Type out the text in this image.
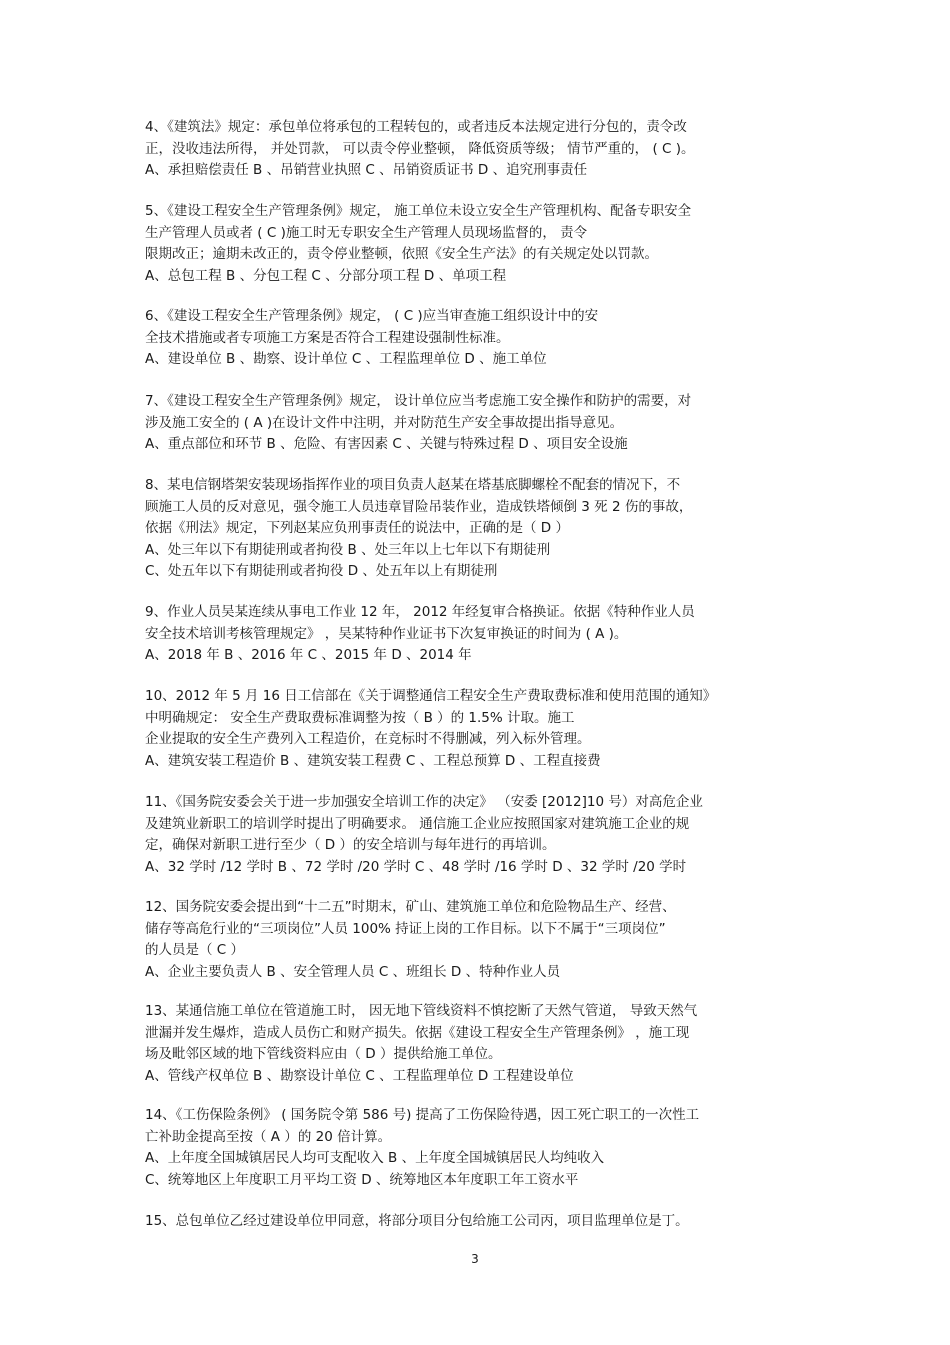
4、《建筑法》规定：承包单位将承包的工程转包的，或者违反本法规定进行分包的，责令改
正，没收违法所得， 并处罚款， 可以责令停业整顿， 降低资质等级； 情节严重的， ( C )。
A、承担赔偿责任 B 、吊销营业执照 C 、吊销资质证书 D 、追究刑事责任
5、《建设工程安全生产管理条例》规定， 施工单位未设立安全生产管理机构、配备专职安全
生产管理人员或者 ( C )施工时无专职安全生产管理人员现场监督的， 责令
限期改正；逾期未改正的，责令停业整顿，依照《安全生产法》的有关规定处以罚款。
A、总包工程 B 、分包工程 C 、分部分项工程 D 、单项工程
6、《建设工程安全生产管理条例》规定， ( C )应当审查施工组织设计中的安
全技术措施或者专项施工方案是否符合工程建设强制性标准。
A、建设单位 B 、勘察、设计单位 C 、工程监理单位 D 、施工单位
7、《建设工程安全生产管理条例》规定， 设计单位应当考虑施工安全操作和防护的需要，对
涉及施工安全的 ( A )在设计文件中注明，并对防范生产安全事故提出指导意见。
A、重点部位和环节 B 、危险、有害因素 C 、关键与特殊过程 D 、项目安全设施
8、某电信钢塔架安装现场指挥作业的项目负责人赵某在塔基底脚螺栓不配套的情况下，不
顾施工人员的反对意见，强令施工人员违章冒险吊装作业，造成铁塔倾倒 3 死 2 伤的事故，
依据《刑法》规定，下列赵某应负刑事责任的说法中，正确的是（ D ）
A、处三年以下有期徒刑或者拘役 B 、处三年以上七年以下有期徒刑
C、处五年以下有期徒刑或者拘役 D 、处五年以上有期徒刑
9、作业人员吴某连续从事电工作业 12 年， 2012 年经复审合格换证。依据《特种作业人员
安全技术培训考核管理规定》 ，吴某特种作业证书下次复审换证的时间为 ( A )。
A、2018 年 B 、2016 年 C 、2015 年 D 、2014 年
10、2012 年 5 月 16 日工信部在《关于调整通信工程安全生产费取费标准和使用范围的通知》
中明确规定： 安全生产费取费标准调整为按（ B ）的 1.5% 计取。施工
企业提取的安全生产费列入工程造价，在竞标时不得删减，列入标外管理。
A、建筑安装工程造价 B 、建筑安装工程费 C 、工程总预算 D 、工程直接费
11、《国务院安委会关于进一步加强安全培训工作的决定》 （安委 [2012]10 号）对高危企业
及建筑业新职工的培训学时提出了明确要求。 通信施工企业应按照国家对建筑施工企业的规
定，确保对新职工进行至少（ D ）的安全培训与每年进行的再培训。
A、32 学时 /12 学时 B 、72 学时 /20 学时 C 、48 学时 /16 学时 D 、32 学时 /20 学时
12、国务院安委会提出到“十二五”时期末，矿山、建筑施工单位和危险物品生产、经营、
储存等高危行业的“三项岗位”人员 100% 持证上岗的工作目标。以下不属于“三项岗位”
的人员是（ C ）
A、企业主要负责人 B 、安全管理人员 C 、班组长 D 、特种作业人员
13、某通信施工单位在管道施工时， 因无地下管线资料不慎挖断了天然气管道， 导致天然气
泄漏并发生爆炸，造成人员伤亡和财产损失。依据《建设工程安全生产管理条例》 ，施工现
场及毗邻区域的地下管线资料应由（ D ）提供给施工单位。
A、管线产权单位 B 、勘察设计单位 C 、工程监理单位 D 工程建设单位
14、《工伤保险条例》 ( 国务院令第 586 号) 提高了工伤保险待遇，因工死亡职工的一次性工
亡补助金提高至按（ A ）的 20 倍计算。
A、上年度全国城镇居民人均可支配收入 B 、上年度全国城镇居民人均纯收入
C、统筹地区上年度职工月平均工资 D 、统筹地区本年度职工年工资水平
15、总包单位乙经过建设单位甲同意，将部分项目分包给施工公司丙，项目监理单位是丁。
3
